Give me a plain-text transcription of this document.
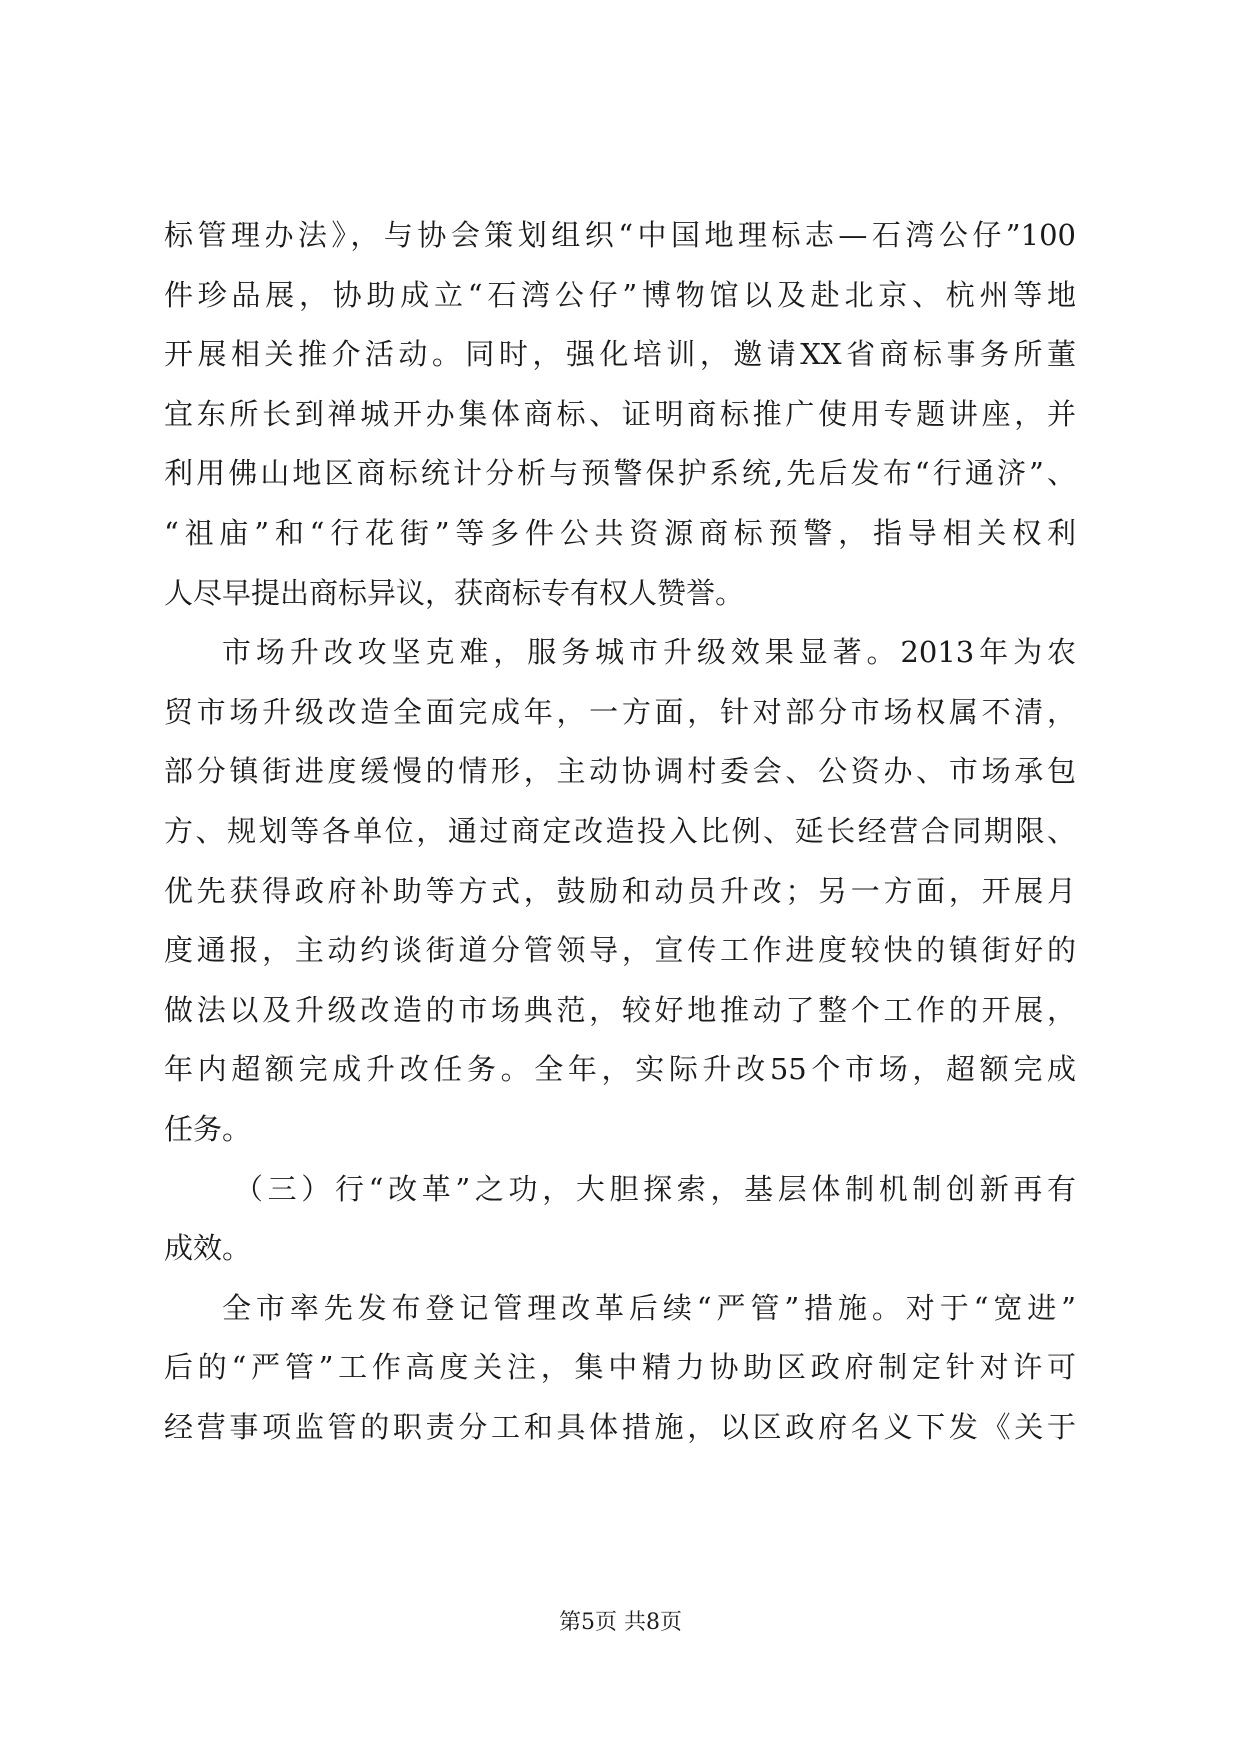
标管理办法》，与协会策划组织“中国地理标志—石湾公仔”100
件珍品展，协助成立“石湾公仔”博物馆以及赴北京、杭州等地
开展相关推介活动。同时，强化培训，邀请XX省商标事务所董
宜东所长到禅城开办集体商标、证明商标推广使用专题讲座，并
利用佛山地区商标统计分析与预警保护系统,先后发布“行通济”、
“祖庙”和“行花街”等多件公共资源商标预警，指导相关权利
人尽早提出商标异议，获商标专有权人赞誉。
市场升改攻坚克难，服务城市升级效果显著。2013年为农
贸市场升级改造全面完成年，一方面，针对部分市场权属不清，
部分镇街进度缓慢的情形，主动协调村委会、公资办、市场承包
方、规划等各单位，通过商定改造投入比例、延长经营合同期限、
优先获得政府补助等方式，鼓励和动员升改；另一方面，开展月
度通报，主动约谈街道分管领导，宣传工作进度较快的镇街好的
做法以及升级改造的市场典范，较好地推动了整个工作的开展，
年内超额完成升改任务。全年，实际升改55个市场，超额完成
任务。
（三）行“改革”之功，大胆探索，基层体制机制创新再有
成效。
全市率先发布登记管理改革后续“严管”措施。对于“宽进”
后的“严管”工作高度关注，集中精力协助区政府制定针对许可
经营事项监管的职责分工和具体措施，以区政府名义下发《关于
第5页 共8页
